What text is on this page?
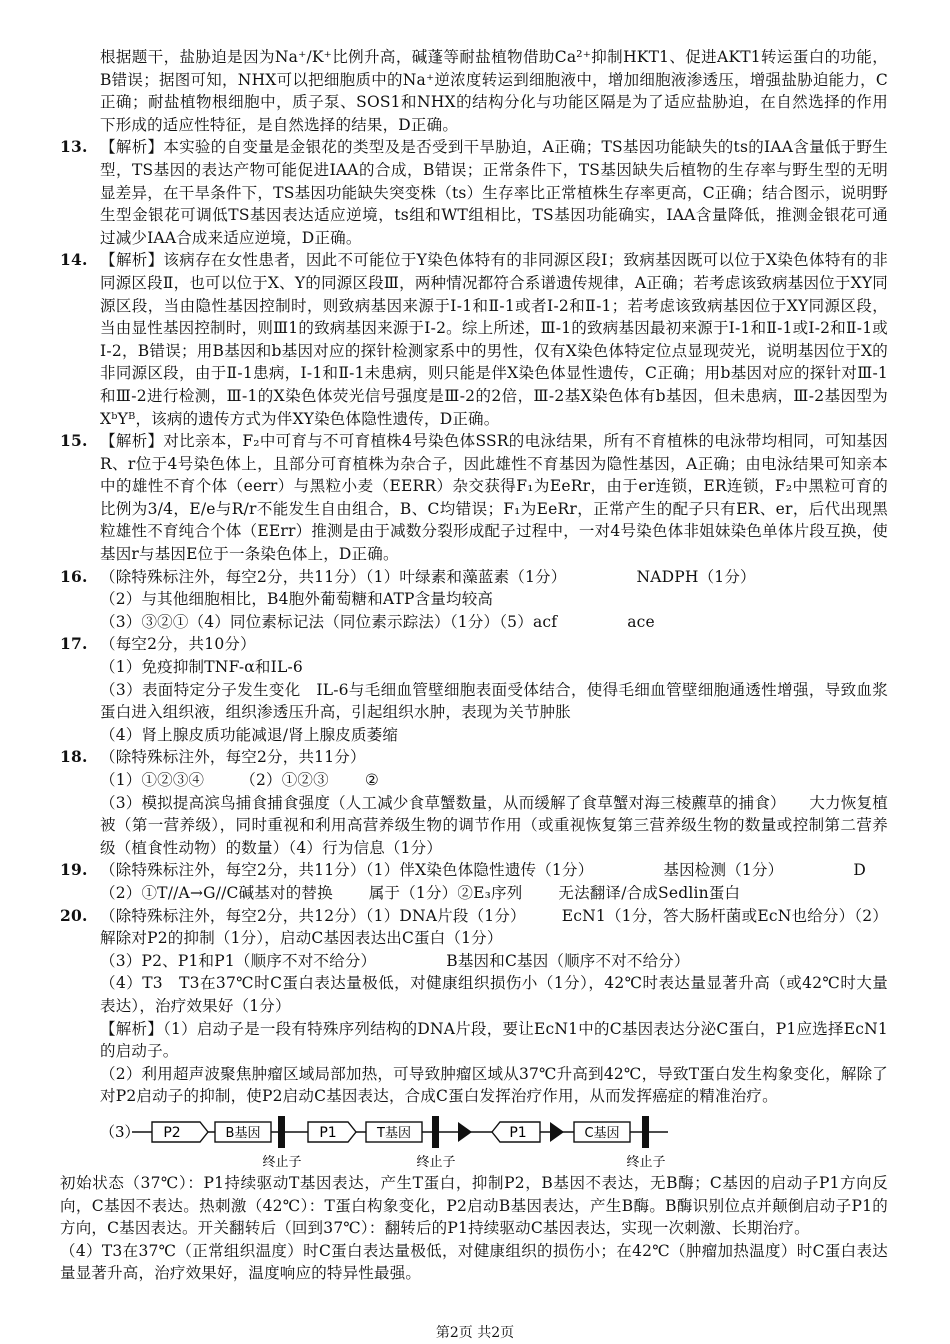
根据题干，盐胁迫是因为Na⁺/K⁺比例升高，碱蓬等耐盐植物借助Ca²⁺抑制HKT1、促进AKT1转运蛋白的功能，B错误；据图可知，NHX可以把细胞质中的Na⁺逆浓度转运到细胞液中，增加细胞液渗透压，增强盐胁迫能力，C正确；耐盐植物根细胞中，质子泵、SOS1和NHX的结构分化与功能区隔是为了适应盐胁迫，在自然选择的作用下形成的适应性特征，是自然选择的结果，D正确。

13. 【解析】本实验的自变量是金银花的类型及是否受到干旱胁迫，A正确；TS基因功能缺失的ts的IAA含量低于野生型，TS基因的表达产物可能促进IAA的合成，B错误；正常条件下，TS基因缺失后植物的生存率与野生型的无明显差异，在干旱条件下，TS基因功能缺失突变株（ts）生存率比正常植株生存率更高，C正确；结合图示，说明野生型金银花可调低TS基因表达适应逆境，ts组和WT组相比，TS基因功能确实，IAA含量降低，推测金银花可通过减少IAA合成来适应逆境，D正确。

14. 【解析】该病存在女性患者，因此不可能位于Y染色体特有的非同源区段Ⅰ；致病基因既可以位于X染色体特有的非同源区段Ⅱ，也可以位于X、Y的同源区段Ⅲ，两种情况都符合系谱遗传规律，A正确；若考虑该致病基因位于XY同源区段，当由隐性基因控制时，则致病基因来源于Ⅰ-1和Ⅱ-1或者Ⅰ-2和Ⅱ-1；若考虑该致病基因位于XY同源区段，当由显性基因控制时，则Ⅲ1的致病基因来源于Ⅰ-2。综上所述，Ⅲ-1的致病基因最初来源于Ⅰ-1和Ⅱ-1或Ⅰ-2和Ⅱ-1或Ⅰ-2，B错误；用B基因和b基因对应的探针检测家系中的男性，仅有X染色体特定位点显现荧光，说明基因位于X的非同源区段，由于Ⅱ-1患病，Ⅰ-1和Ⅱ-1未患病，则只能是伴X染色体显性遗传，C正确；用b基因对应的探针对Ⅲ-1和Ⅲ-2进行检测，Ⅲ-1的X染色体荧光信号强度是Ⅲ-2的2倍，Ⅲ-2基X染色体有b基因，但未患病，Ⅲ-2基因型为XᵇYᴮ，该病的遗传方式为伴XY染色体隐性遗传，D正确。

15. 【解析】对比亲本，F₂中可育与不可育植株4号染色体SSR的电泳结果，所有不育植株的电泳带均相同，可知基因R、r位于4号染色体上，且部分可育植株为杂合子，因此雄性不育基因为隐性基因，A正确；由电泳结果可知亲本中的雄性不育个体（eerr）与黑粒小麦（EERR）杂交获得F₁为EeRr，由于er连锁，ER连锁，F₂中黑粒可育的比例为3/4，E/e与R/r不能发生自由组合，B、C均错误；F₁为EeRr，正常产生的配子只有ER、er，后代出现黑粒雄性不育纯合个体（EErr）推测是由于减数分裂形成配子过程中，一对4号染色体非姐妹染色单体片段互换，使基因r与基因E位于一条染色体上，D正确。

16. （除特殊标注外，每空2分，共11分）（1）叶绿素和藻蓝素（1分）	NADPH（1分）

（2）与其他细胞相比，B4胞外葡萄糖和ATP含量均较高

（3）③②①（4）同位素标记法（同位素示踪法）（1分）（5）acf	ace

17. （每空2分，共10分）

（1）免疫抑制TNF-α和IL-6

（3）表面特定分子发生变化　IL-6与毛细血管壁细胞表面受体结合，使得毛细血管壁细胞通透性增强，导致血浆蛋白进入组织液，组织渗透压升高，引起组织水肿，表现为关节肿胀

（4）肾上腺皮质功能减退/肾上腺皮质萎缩

18. （除特殊标注外，每空2分，共11分）

（1）①②③④ （2）①②③ ②

（3）模拟提高滨鸟捕食捕食强度（人工减少食草蟹数量，从而缓解了食草蟹对海三棱藨草的捕食）　　大力恢复植被（第一营养级），同时重视和利用高营养级生物的调节作用（或重视恢复第三营养级生物的数量或控制第二营养级（植食性动物）的数量）（4）行为信息（1分）

19. （除特殊标注外，每空2分，共11分）（1）伴X染色体隐性遗传（1分）	基因检测（1分）	D

（2）①T//A→G//C碱基对的替换 属于（1分）②E₃序列 无法翻译/合成Sedlin蛋白

20. （除特殊标注外，每空2分，共12分）（1）DNA片段（1分） EcN1（1分，答大肠杆菌或EcN也给分）（2）解除对P2的抑制（1分），启动C基因表达出C蛋白（1分）

（3）P2、P1和P1（顺序不对不给分）	B基因和C基因（顺序不对不给分）

（4）T3　T3在37℃时C蛋白表达量极低，对健康组织损伤小（1分），42℃时表达量显著升高（或42℃时大量表达），治疗效果好（1分）

【解析】（1）启动子是一段有特殊序列结构的DNA片段，要让EcN1中的C基因表达分泌C蛋白，P1应选择EcN1的启动子。

（2）利用超声波聚焦肿瘤区域局部加热，可导致肿瘤区域从37℃升高到42℃，导致T蛋白发生构象变化，解除了对P2启动子的抑制，使P2启动C基因表达，合成C蛋白发挥治疗作用，从而发挥癌症的精准治疗。

（3） P2	B基因
终止子
P1	T基因
终止子
P1	C基因
终止子

初始状态（37℃）：P1持续驱动T基因表达，产生T蛋白，抑制P2，B基因不表达，无B酶；C基因的启动子P1方向反向，C基因不表达。热刺激（42℃）：T蛋白构象变化，P2启动B基因表达，产生B酶。B酶识别位点并颠倒启动子P1的方向，C基因表达。开关翻转后（回到37℃）：翻转后的P1持续驱动C基因表达，实现一次刺激、长期治疗。

（4）T3在37℃（正常组织温度）时C蛋白表达量极低，对健康组织的损伤小；在42℃（肿瘤加热温度）时C蛋白表达量显著升高，治疗效果好，温度响应的特异性最强。

第2页 共2页
